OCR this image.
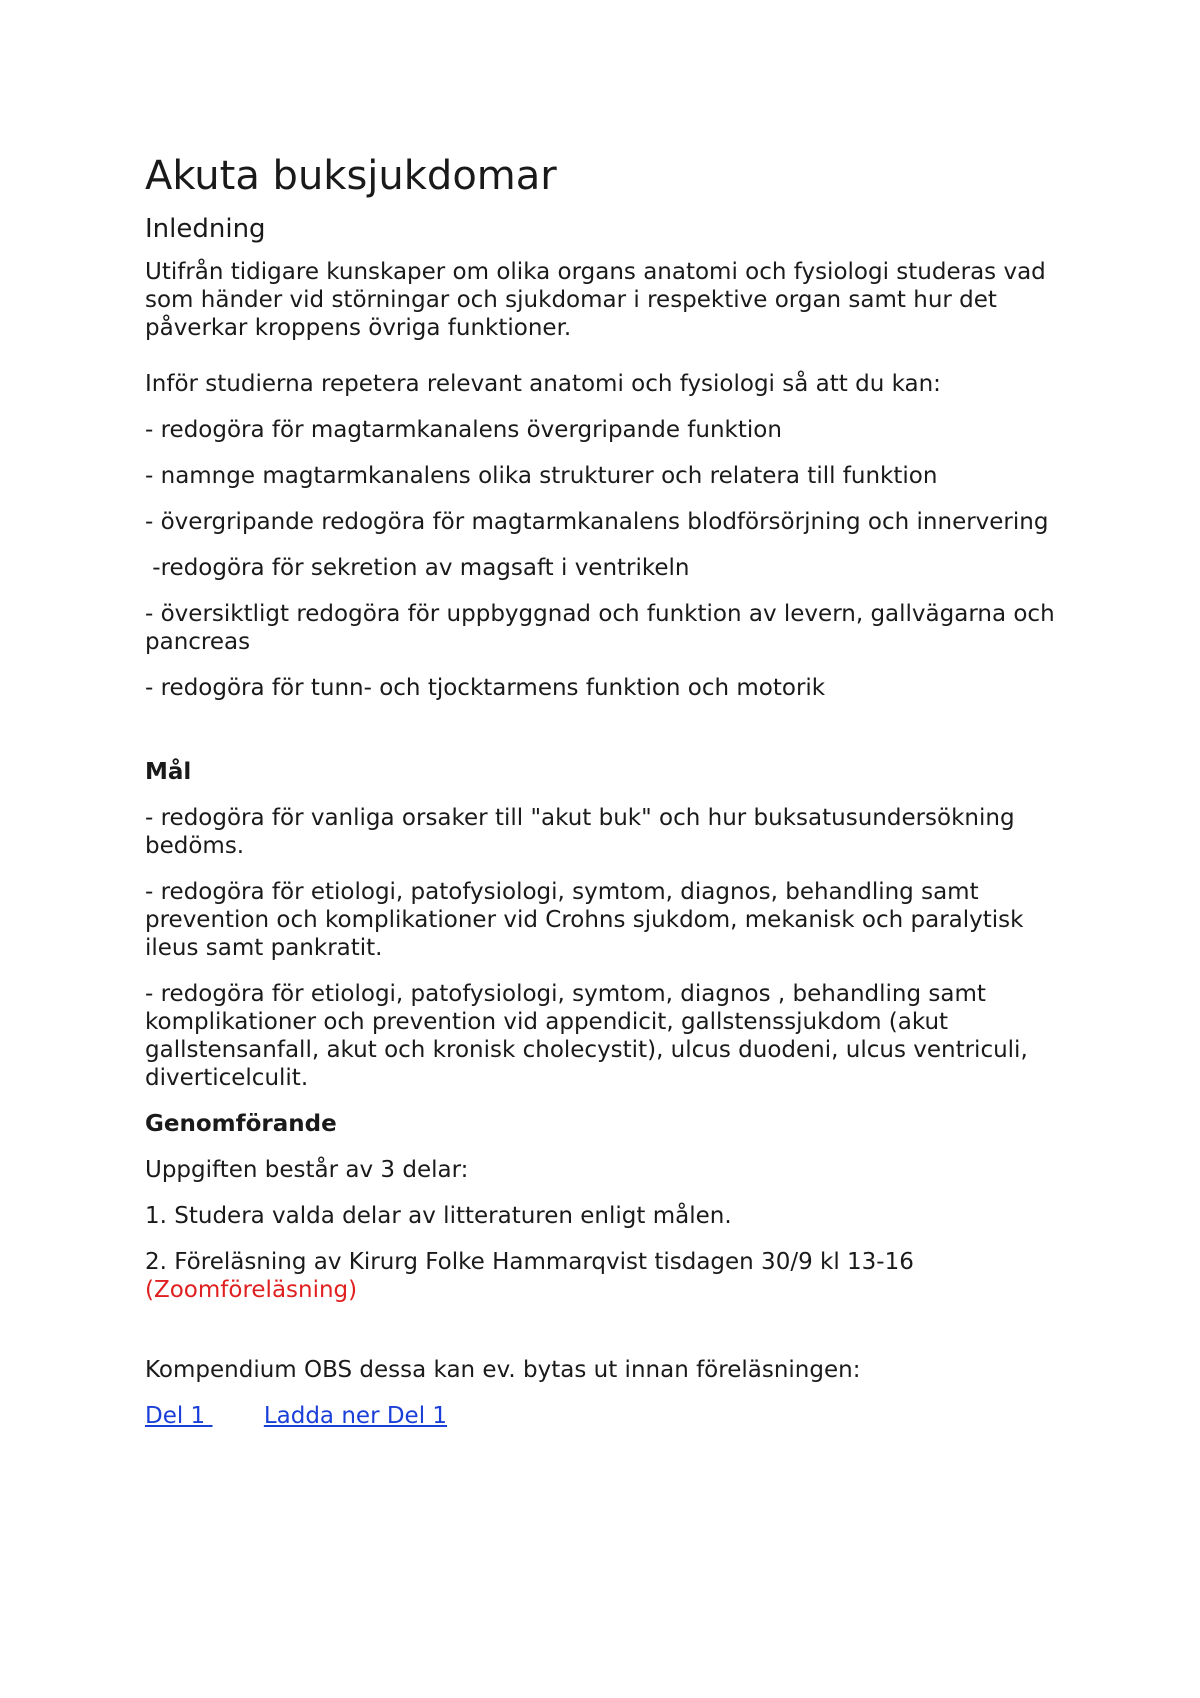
Akuta buksjukdomar
Inledning

Utifrån tidigare kunskaper om olika organs anatomi och fysiologi studeras vad som händer vid störningar och sjukdomar i respektive organ samt hur det påverkar kroppens övriga funktioner.

Inför studierna repetera relevant anatomi och fysiologi så att du kan:

- redogöra för magtarmkanalens övergripande funktion

- namnge magtarmkanalens olika strukturer och relatera till funktion

- övergripande redogöra för magtarmkanalens blodförsörjning och innervering

-redogöra för sekretion av magsaft i ventrikeln

- översiktligt redogöra för uppbyggnad och funktion av levern, gallvägarna och pancreas

- redogöra för tunn- och tjocktarmens funktion och motorik

Mål

- redogöra för vanliga orsaker till "akut buk" och hur buksatusundersökning bedöms.

- redogöra för etiologi, patofysiologi, symtom, diagnos, behandling samt prevention och komplikationer vid Crohns sjukdom, mekanisk och paralytisk ileus samt pankratit.

- redogöra för etiologi, patofysiologi, symtom, diagnos , behandling samt komplikationer och prevention vid appendicit, gallstenssjukdom (akut gallstensanfall, akut och kronisk cholecystit), ulcus duodeni, ulcus ventriculi, diverticelculit.

Genomförande

Uppgiften består av 3 delar:

1. Studera valda delar av litteraturen enligt målen.

2. Föreläsning av Kirurg Folke Hammarqvist tisdagen 30/9 kl 13-16 (Zoomföreläsning)

Kompendium OBS dessa kan ev. bytas ut innan föreläsningen:

Del 1  Ladda ner Del 1
